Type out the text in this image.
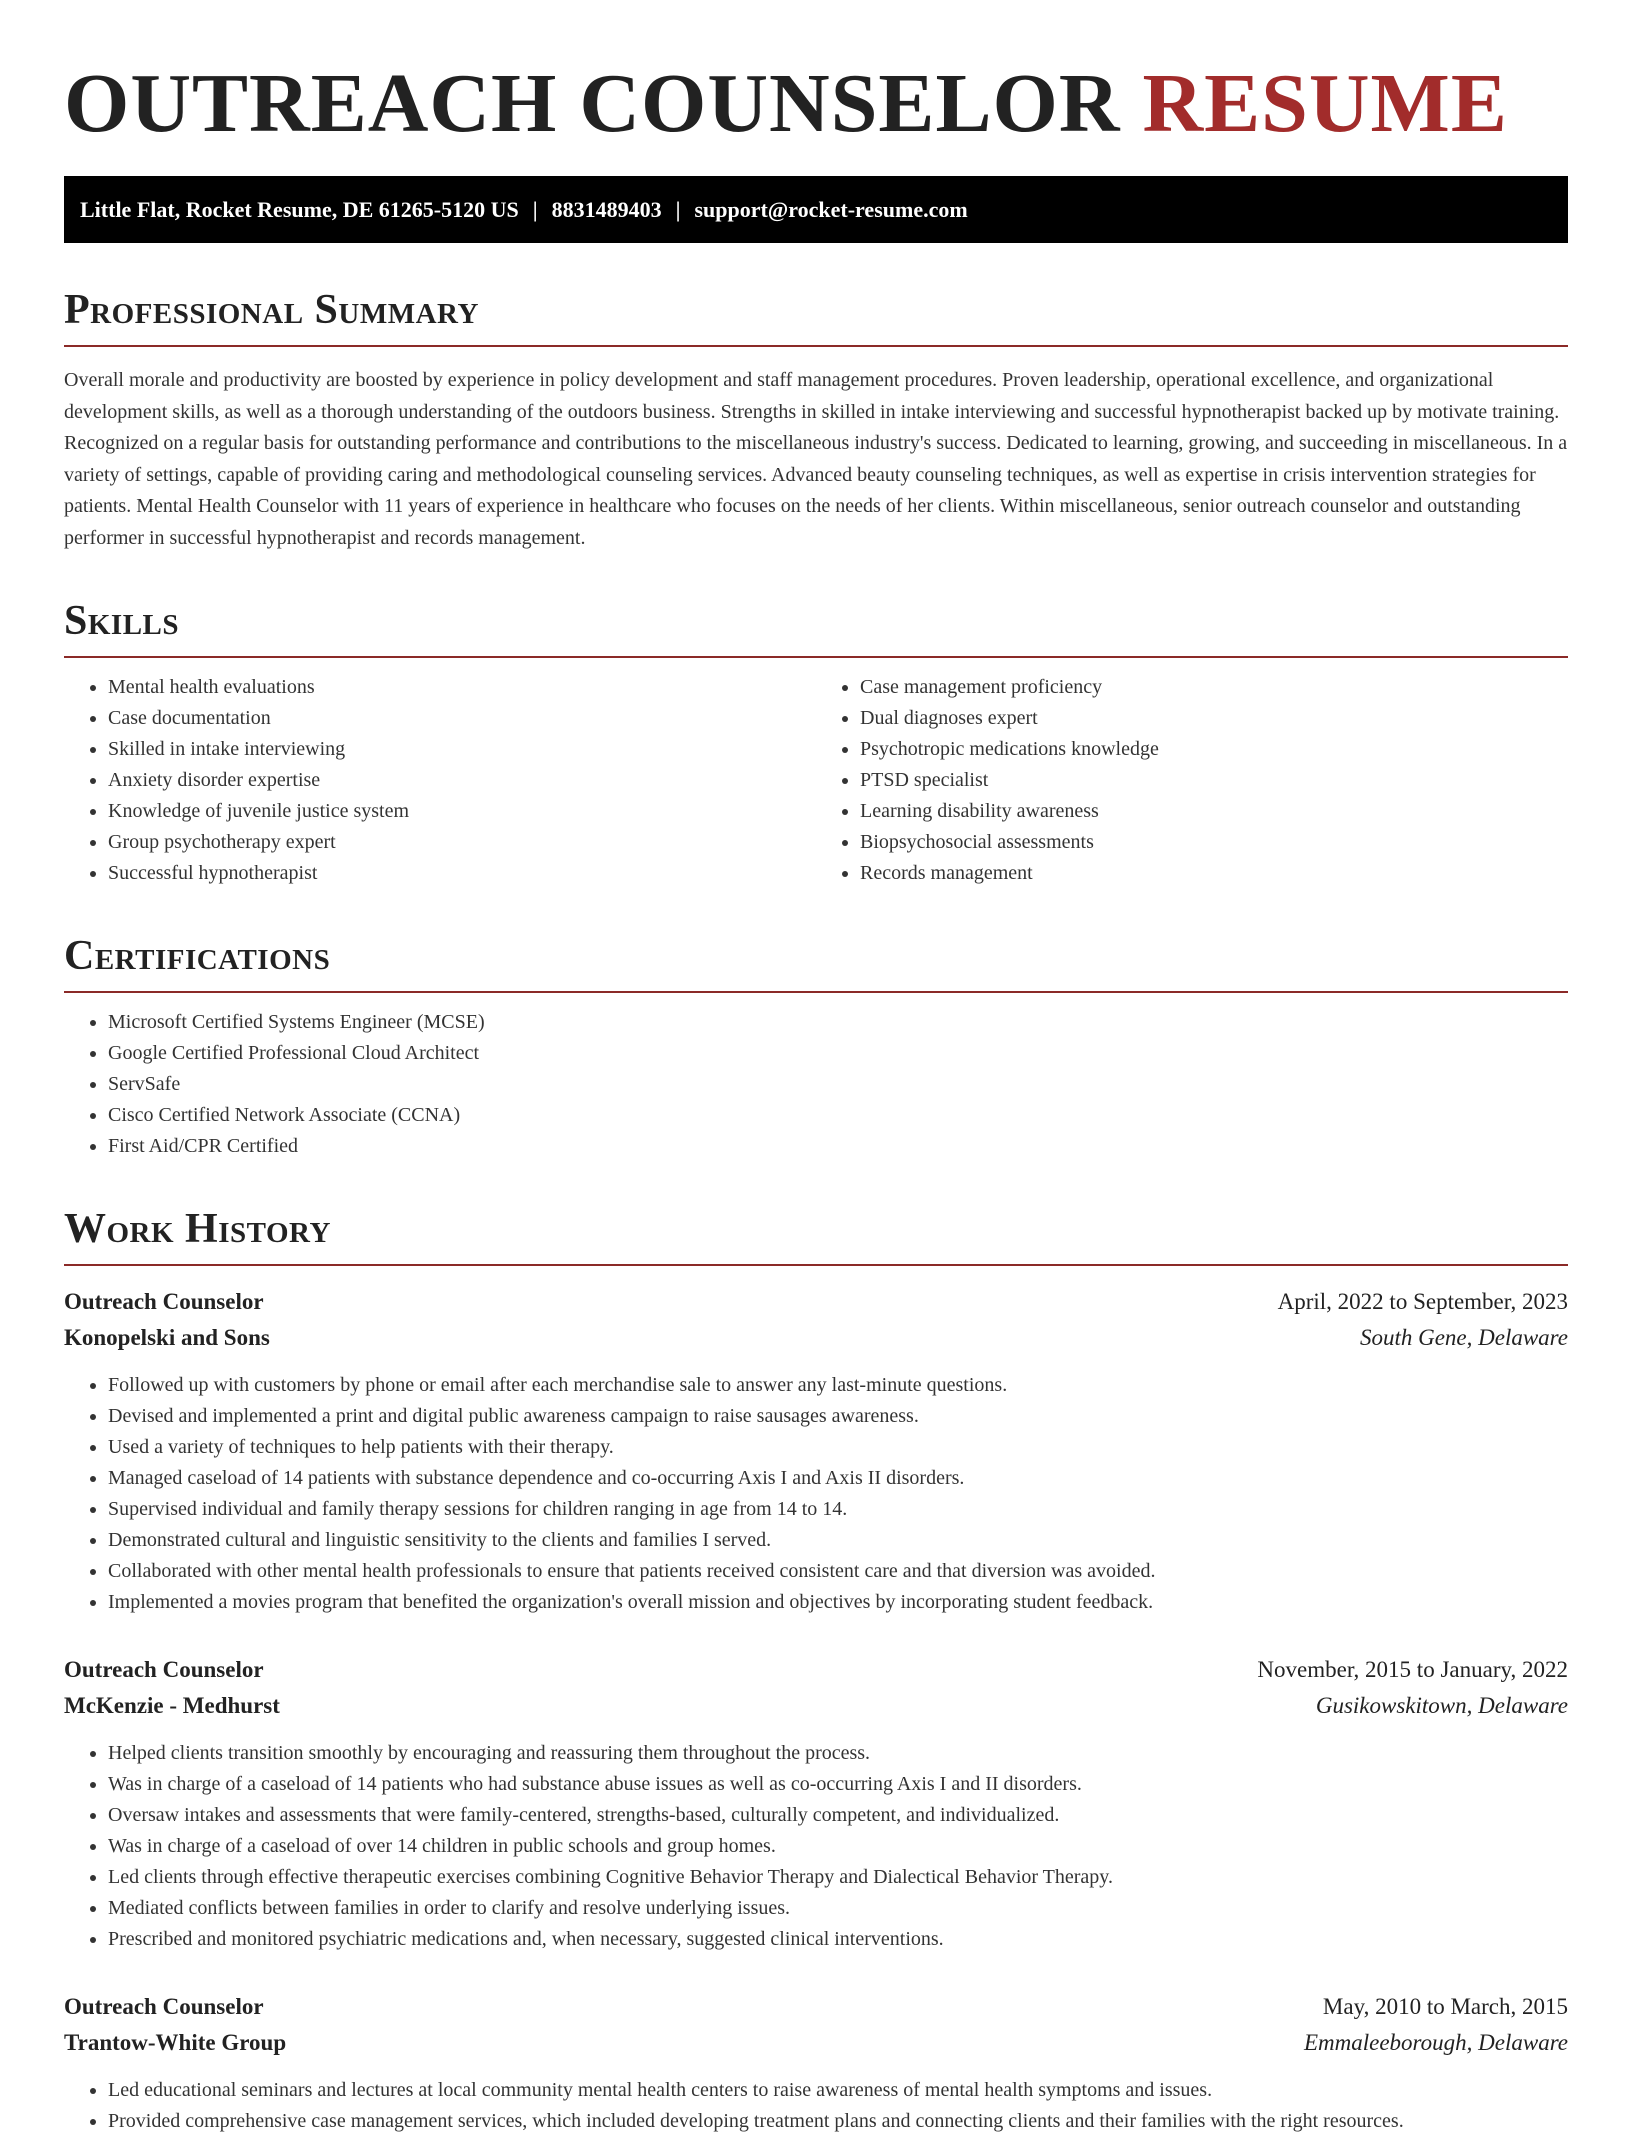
OUTREACH COUNSELOR RESUME
Little Flat, Rocket Resume, DE 61265-5120 US | 8831489403 | support@rocket-resume.com
Professional Summary

Overall morale and productivity are boosted by experience in policy development and staff management procedures. Proven leadership, operational excellence, and organizational development skills, as well as a thorough understanding of the outdoors business. Strengths in skilled in intake interviewing and successful hypnotherapist backed up by motivate training. Recognized on a regular basis for outstanding performance and contributions to the miscellaneous industry's success. Dedicated to learning, growing, and succeeding in miscellaneous. In a variety of settings, capable of providing caring and methodological counseling services. Advanced beauty counseling techniques, as well as expertise in crisis intervention strategies for patients. Mental Health Counselor with 11 years of experience in healthcare who focuses on the needs of her clients. Within miscellaneous, senior outreach counselor and outstanding performer in successful hypnotherapist and records management.

Skills
• Mental health evaluations
• Case documentation
• Skilled in intake interviewing
• Anxiety disorder expertise
• Knowledge of juvenile justice system
• Group psychotherapy expert
• Successful hypnotherapist
• Case management proficiency
• Dual diagnoses expert
• Psychotropic medications knowledge
• PTSD specialist
• Learning disability awareness
• Biopsychosocial assessments
• Records management
Certifications
• Microsoft Certified Systems Engineer (MCSE)
• Google Certified Professional Cloud Architect
• ServSafe
• Cisco Certified Network Associate (CCNA)
• First Aid/CPR Certified
Work History
Outreach Counselor	April, 2022 to September, 2023
Konopelski and Sons	South Gene, Delaware
• Followed up with customers by phone or email after each merchandise sale to answer any last-minute questions.
• Devised and implemented a print and digital public awareness campaign to raise sausages awareness.
• Used a variety of techniques to help patients with their therapy.
• Managed caseload of 14 patients with substance dependence and co-occurring Axis I and Axis II disorders.
• Supervised individual and family therapy sessions for children ranging in age from 14 to 14.
• Demonstrated cultural and linguistic sensitivity to the clients and families I served.
• Collaborated with other mental health professionals to ensure that patients received consistent care and that diversion was avoided.
• Implemented a movies program that benefited the organization's overall mission and objectives by incorporating student feedback.
Outreach Counselor	November, 2015 to January, 2022
McKenzie - Medhurst	Gusikowskitown, Delaware
• Helped clients transition smoothly by encouraging and reassuring them throughout the process.
• Was in charge of a caseload of 14 patients who had substance abuse issues as well as co-occurring Axis I and II disorders.
• Oversaw intakes and assessments that were family-centered, strengths-based, culturally competent, and individualized.
• Was in charge of a caseload of over 14 children in public schools and group homes.
• Led clients through effective therapeutic exercises combining Cognitive Behavior Therapy and Dialectical Behavior Therapy.
• Mediated conflicts between families in order to clarify and resolve underlying issues.
• Prescribed and monitored psychiatric medications and, when necessary, suggested clinical interventions.
Outreach Counselor	May, 2010 to March, 2015
Trantow-White Group	Emmaleeborough, Delaware
• Led educational seminars and lectures at local community mental health centers to raise awareness of mental health symptoms and issues.
• Provided comprehensive case management services, which included developing treatment plans and connecting clients and their families with the right resources.
